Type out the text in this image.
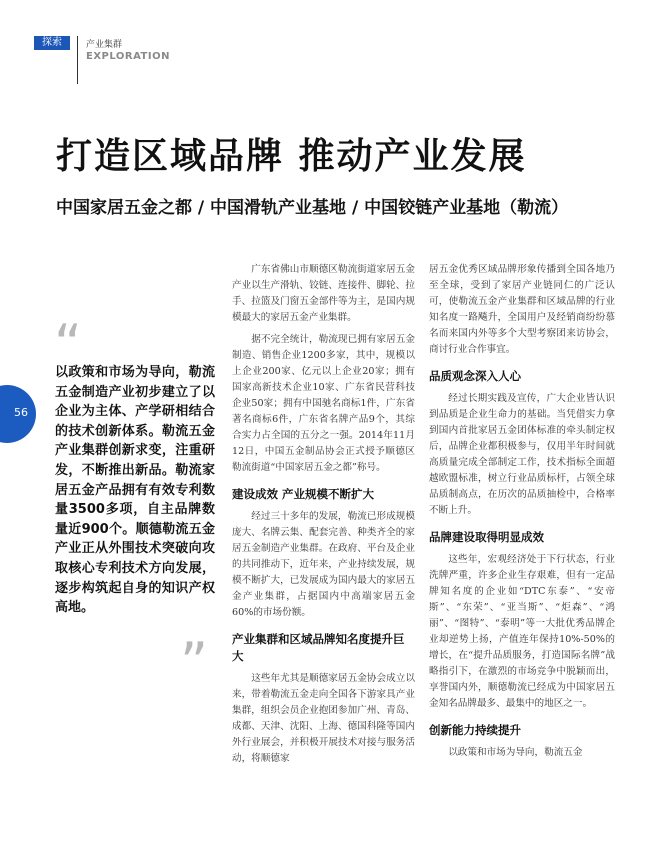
探索	产业集群
EXPLORATION
打造区域品牌 推动产业发展
中国家居五金之都 / 中国滑轨产业基地 / 中国铰链产业基地（勒流）
56
“
以政策和市场为导向，勒流五金制造产业初步建立了以企业为主体、产学研相结合的技术创新体系。勒流五金产业集群创新求变，注重研发，不断推出新品。勒流家居五金产品拥有有效专利数量3500多项，自主品牌数量近900个。顺德勒流五金产业正从外围技术突破向攻取核心专利技术方向发展，逐步构筑起自身的知识产权高地。
”

广东省佛山市顺德区勒流街道家居五金产业以生产滑轨、铰链、连接件、脚轮、拉手、拉篮及门窗五金部件等为主，是国内规模最大的家居五金产业集群。

据不完全统计，勒流现已拥有家居五金制造、销售企业1200多家，其中，规模以上企业200家、亿元以上企业20家；拥有国家高新技术企业10家、广东省民营科技企业50家；拥有中国驰名商标1件，广东省著名商标6件，广东省名牌产品9个，其综合实力占全国的五分之一强。2014年11月12日，中国五金制品协会正式授予顺德区勒流街道“中国家居五金之都”称号。

建设成效 产业规模不断扩大

经过三十多年的发展，勒流已形成规模庞大、名牌云集、配套完善、种类齐全的家居五金制造产业集群。在政府、平台及企业的共同推动下，近年来，产业持续发展，规模不断扩大，已发展成为国内最大的家居五金产业集群，占据国内中高端家居五金60%的市场份额。

产业集群和区域品牌知名度提升巨大

这些年尤其是顺德家居五金协会成立以来，带着勒流五金走向全国各下游家具产业集群，组织会员企业抱团参加广州、青岛、成都、天津、沈阳、上海、德国科隆等国内外行业展会，并积极开展技术对接与服务活动，将顺德家

居五金优秀区域品牌形象传播到全国各地乃至全球，受到了家居产业链同仁的广泛认可，使勒流五金产业集群和区域品牌的行业知名度一路飚升，全国用户及经销商纷纷慕名而来国内外等多个大型考察团来访协会，商讨行业合作事宜。

品质观念深入人心

经过长期实践及宣传，广大企业皆认识到品质是企业生命力的基础。当凭借实力拿到国内首批家居五金团体标准的牵头制定权后，品牌企业都积极参与，仅用半年时间就高质量完成全部制定工作，技术指标全面超越欧盟标准，树立行业品质标杆，占领全球品质制高点，在历次的品质抽检中，合格率不断上升。

品牌建设取得明显成效

这些年，宏观经济处于下行状态，行业洗牌严重，许多企业生存艰难，但有一定品牌知名度的企业如“DTC东泰”、“安帝斯”、“东荣”、“亚当斯”、“炬森”、“鸿丽”、“图特”、“泰明”等一大批优秀品牌企业却逆势上扬，产值连年保持10%-50%的增长，在“提升品质服务，打造国际名牌”战略指引下，在激烈的市场竞争中脱颖而出，享誉国内外，顺德勒流已经成为中国家居五金知名品牌最多、最集中的地区之一。

创新能力持续提升

以政策和市场为导向，勒流五金
